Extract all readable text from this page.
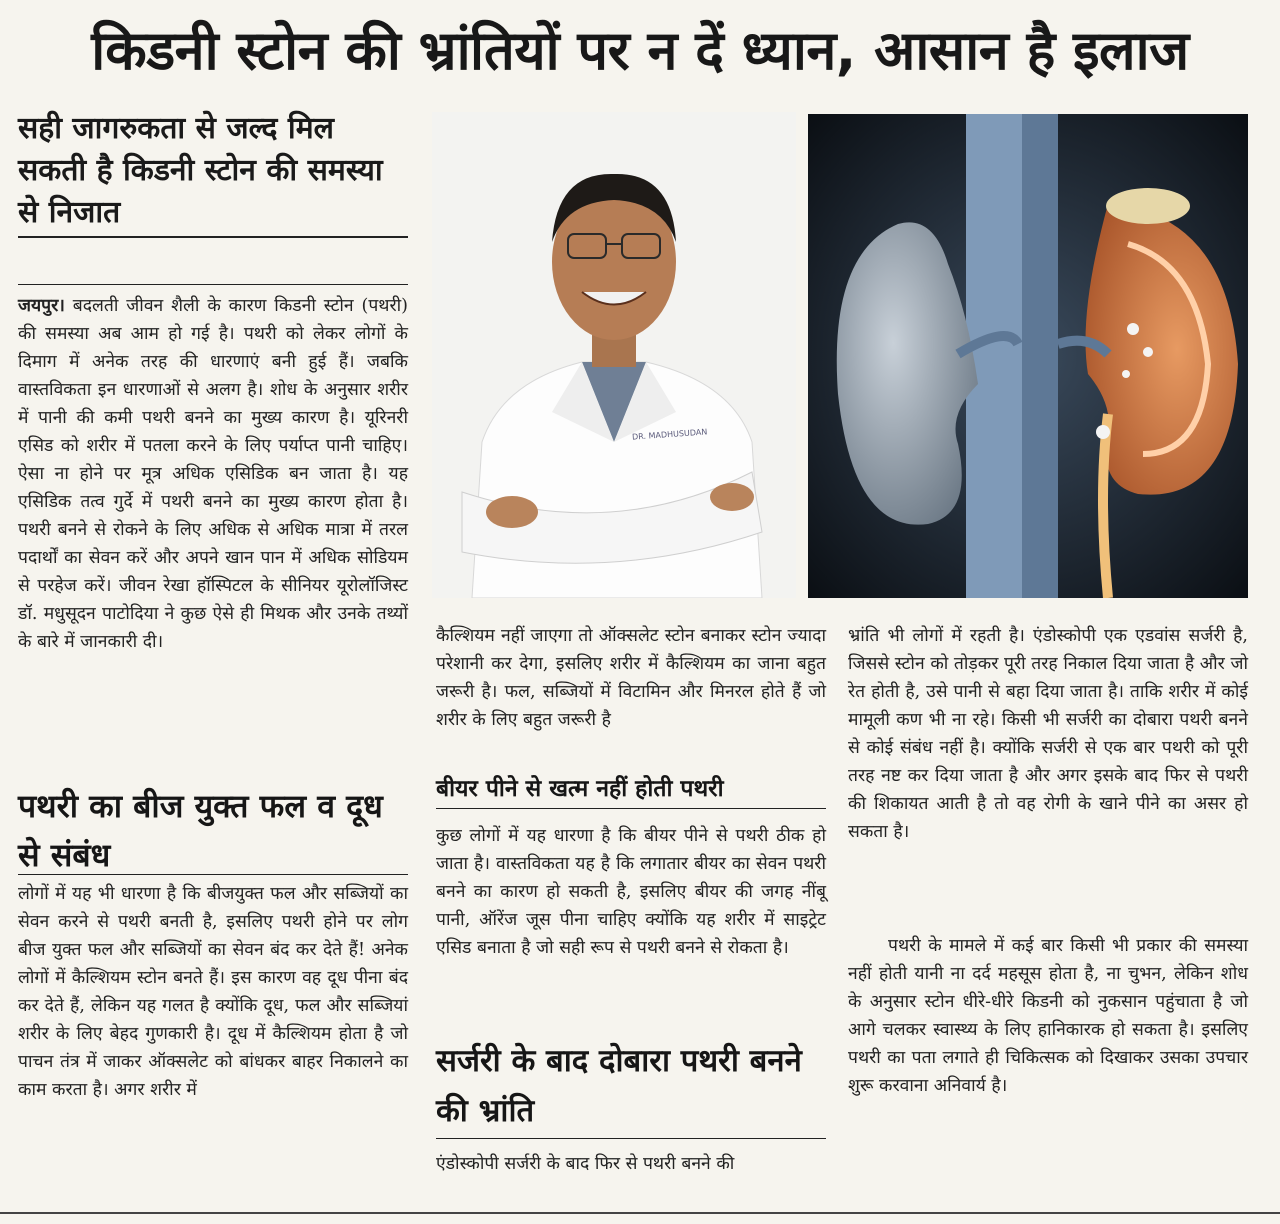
किडनी स्टोन की भ्रांतियों पर न दें ध्यान, आसान है इलाज
सही जागरुकता से जल्द मिल सकती है किडनी स्टोन की समस्या से निजात
जयपुर। बदलती जीवन शैली के कारण किडनी स्टोन (पथरी) की समस्या अब आम हो गई है। पथरी को लेकर लोगों के दिमाग में अनेक तरह की धारणाएं बनी हुई हैं। जबकि वास्तविकता इन धारणाओं से अलग है। शोध के अनुसार शरीर में पानी की कमी पथरी बनने का मुख्य कारण है। यूरिनरी एसिड को शरीर में पतला करने के लिए पर्याप्त पानी चाहिए। ऐसा ना होने पर मूत्र अधिक एसिडिक बन जाता है। यह एसिडिक तत्व गुर्दे में पथरी बनने का मुख्य कारण होता है। पथरी बनने से रोकने के लिए अधिक से अधिक मात्रा में तरल पदार्थों का सेवन करें और अपने खान पान में अधिक सोडियम से परहेज करें। जीवन रेखा हॉस्पिटल के सीनियर यूरोलॉजिस्ट डॉ. मधुसूदन पाटोदिया ने कुछ ऐसे ही मिथक और उनके तथ्यों के बारे में जानकारी दी।
पथरी का बीज युक्त फल व दूध से संबंध
लोगों में यह भी धारणा है कि बीजयुक्त फल और सब्जियों का सेवन करने से पथरी बनती है, इसलिए पथरी होने पर लोग बीज युक्त फल और सब्जियों का सेवन बंद कर देते हैं! अनेक लोगों में कैल्शियम स्टोन बनते हैं। इस कारण वह दूध पीना बंद कर देते हैं, लेकिन यह गलत है क्योंकि दूध, फल और सब्जियां शरीर के लिए बेहद गुणकारी है। दूध में कैल्शियम होता है जो पाचन तंत्र में जाकर ऑक्सलेट को बांधकर बाहर निकालने का काम करता है। अगर शरीर में
DR. MADHUSUDAN
कैल्शियम नहीं जाएगा तो ऑक्सलेट स्टोन बनाकर स्टोन ज्यादा परेशानी कर देगा, इसलिए शरीर में कैल्शियम का जाना बहुत जरूरी है। फल, सब्जियों में विटामिन और मिनरल होते हैं जो शरीर के लिए बहुत जरूरी है
बीयर पीने से खत्म नहीं होती पथरी
कुछ लोगों में यह धारणा है कि बीयर पीने से पथरी ठीक हो जाता है। वास्तविकता यह है कि लगातार बीयर का सेवन पथरी बनने का कारण हो सकती है, इसलिए बीयर की जगह नींबू पानी, ऑरेंज जूस पीना चाहिए क्योंकि यह शरीर में साइट्रेट एसिड बनाता है जो सही रूप से पथरी बनने से रोकता है।
सर्जरी के बाद दोबारा पथरी बनने की भ्रांति
एंडोस्कोपी सर्जरी के बाद फिर से पथरी बनने की
भ्रांति भी लोगों में रहती है। एंडोस्कोपी एक एडवांस सर्जरी है, जिससे स्टोन को तोड़कर पूरी तरह निकाल दिया जाता है और जो रेत होती है, उसे पानी से बहा दिया जाता है। ताकि शरीर में कोई मामूली कण भी ना रहे। किसी भी सर्जरी का दोबारा पथरी बनने से कोई संबंध नहीं है। क्योंकि सर्जरी से एक बार पथरी को पूरी तरह नष्ट कर दिया जाता है और अगर इसके बाद फिर से पथरी की शिकायत आती है तो वह रोगी के खाने पीने का असर हो सकता है।
पथरी के मामले में कई बार किसी भी प्रकार की समस्या नहीं होती यानी ना दर्द महसूस होता है, ना चुभन, लेकिन शोध के अनुसार स्टोन धीरे-धीरे किडनी को नुकसान पहुंचाता है जो आगे चलकर स्वास्थ्य के लिए हानिकारक हो सकता है। इसलिए पथरी का पता लगाते ही चिकित्सक को दिखाकर उसका उपचार शुरू करवाना अनिवार्य है।
